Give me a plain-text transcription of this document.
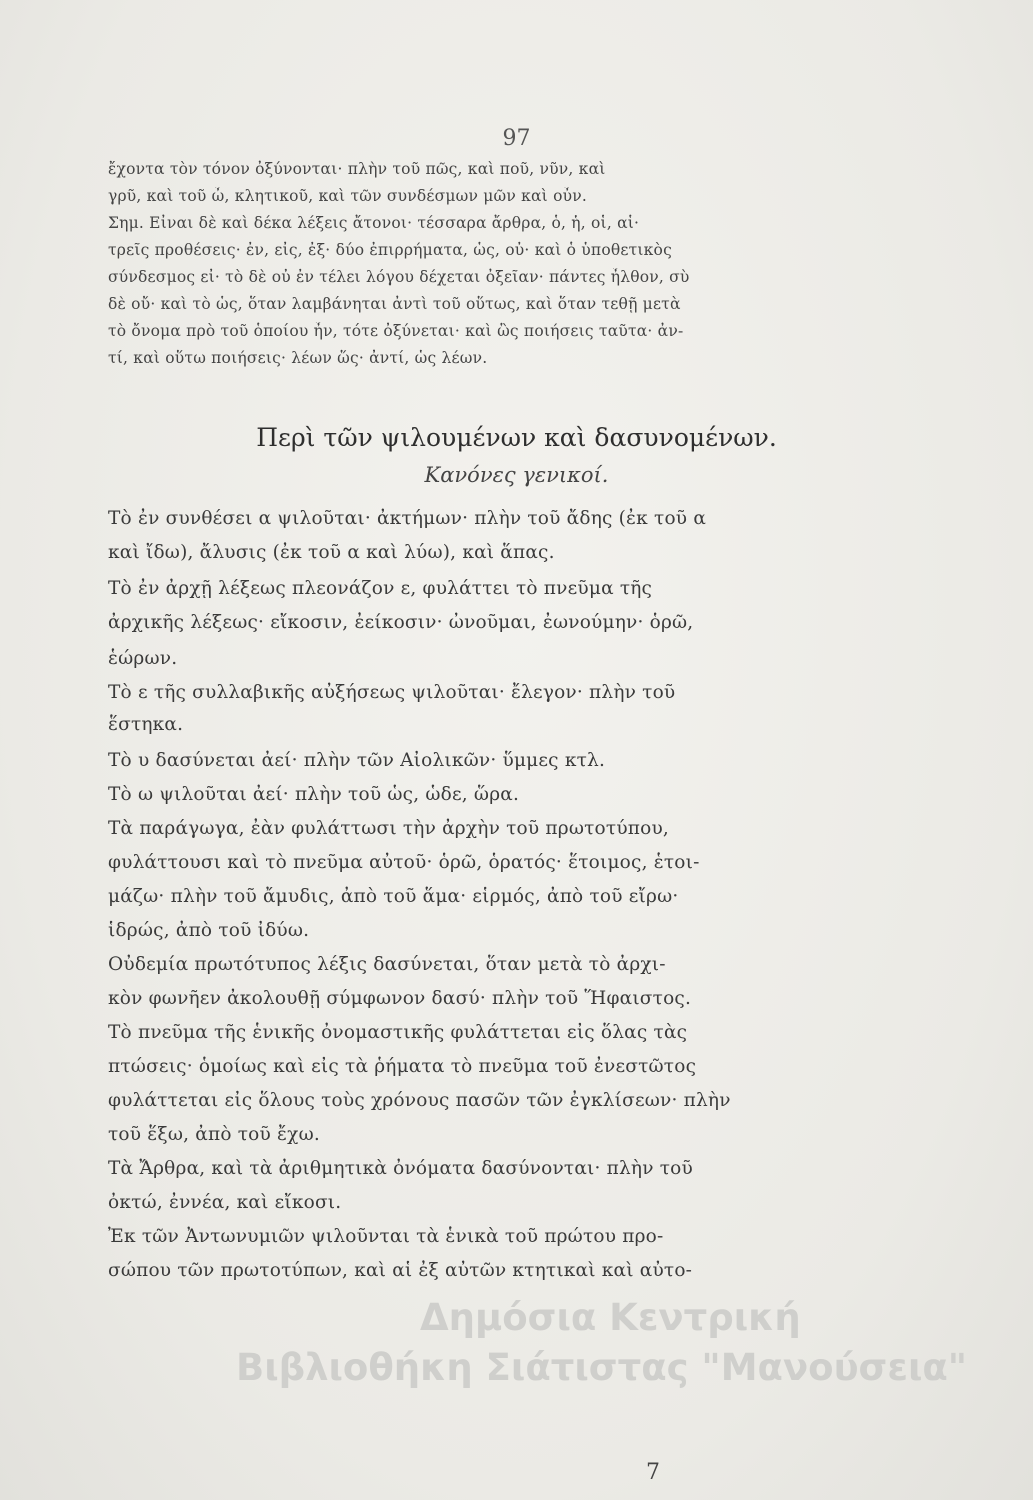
97
ἔχοντα τὸν τόνον ὀξύνονται· πλὴν τοῦ πῶς, καὶ ποῦ, νῦν, καὶ
γρῦ, καὶ τοῦ ὦ, κλητικοῦ, καὶ τῶν συνδέσμων μῶν καὶ οὖν.
Σημ. Εἶναι δὲ καὶ δέκα λέξεις ἄτονοι· τέσσαρα ἄρθρα, ὁ, ἡ, οἱ, αἱ·
τρεῖς προθέσεις· ἐν, εἰς, ἐξ· δύο ἐπιρρήματα, ὡς, οὐ· καὶ ὁ ὑποθετικὸς
σύνδεσμος εἰ· τὸ δὲ οὐ ἐν τέλει λόγου δέχεται ὀξεῖαν· πάντες ἦλθον, σὺ
δὲ οὔ· καὶ τὸ ὡς, ὅταν λαμβάνηται ἀντὶ τοῦ οὕτως, καὶ ὅταν τεθῇ μετὰ
τὸ ὄνομα πρὸ τοῦ ὁποίου ἦν, τότε ὀξύνεται· καὶ ὣς ποιήσεις ταῦτα· ἀν-
τί, καὶ οὕτω ποιήσεις· λέων ὥς· ἀντί, ὡς λέων.
Περὶ τῶν ψιλουμένων καὶ δασυνομένων.
Κανόνες γενικοί.
Τὸ ἐν συνθέσει α ψιλοῦται· ἀκτήμων· πλὴν τοῦ ἄδης (ἐκ τοῦ α
καὶ ἴδω), ἄλυσις (ἐκ τοῦ α καὶ λύω), καὶ ἅπας.
Τὸ ἐν ἀρχῇ λέξεως πλεονάζον ε, φυλάττει τὸ πνεῦμα τῆς
ἀρχικῆς λέξεως· εἴκοσιν, ἐείκοσιν· ὠνοῦμαι, ἐωνούμην· ὁρῶ,
ἑώρων.
Τὸ ε τῆς συλλαβικῆς αὐξήσεως ψιλοῦται· ἔλεγον· πλὴν τοῦ
ἕστηκα.
Τὸ υ δασύνεται ἀεί· πλὴν τῶν Αἰολικῶν· ὕμμες κτλ.
Τὸ ω ψιλοῦται ἀεί· πλὴν τοῦ ὡς, ὧδε, ὥρα.
Τὰ παράγωγα, ἐὰν φυλάττωσι τὴν ἀρχὴν τοῦ πρωτοτύπου,
φυλάττουσι καὶ τὸ πνεῦμα αὐτοῦ· ὁρῶ, ὁρατός· ἕτοιμος, ἑτοι-
μάζω· πλὴν τοῦ ἄμυδις, ἀπὸ τοῦ ἅμα· εἱρμός, ἀπὸ τοῦ εἴρω·
ἱδρώς, ἀπὸ τοῦ ἰδύω.
Οὐδεμία πρωτότυπος λέξις δασύνεται, ὅταν μετὰ τὸ ἀρχι-
κὸν φωνῆεν ἀκολουθῇ σύμφωνον δασύ· πλὴν τοῦ Ἥφαιστος.
Τὸ πνεῦμα τῆς ἑνικῆς ὀνομαστικῆς φυλάττεται εἰς ὅλας τὰς
πτώσεις· ὁμοίως καὶ εἰς τὰ ῥήματα τὸ πνεῦμα τοῦ ἐνεστῶτος
φυλάττεται εἰς ὅλους τοὺς χρόνους πασῶν τῶν ἐγκλίσεων· πλὴν
τοῦ ἕξω, ἀπὸ τοῦ ἔχω.
Τὰ Ἄρθρα, καὶ τὰ ἀριθμητικὰ ὀνόματα δασύνονται· πλὴν τοῦ
ὀκτώ, ἐννέα, καὶ εἴκοσι.
Ἐκ τῶν Ἀντωνυμιῶν ψιλοῦνται τὰ ἑνικὰ τοῦ πρώτου προ-
σώπου τῶν πρωτοτύπων, καὶ αἱ ἐξ αὐτῶν κτητικαὶ καὶ αὐτο-
7
Δημόσια Κεντρική
Βιβλιοθήκη Σιάτιστας "Μανούσεια"
